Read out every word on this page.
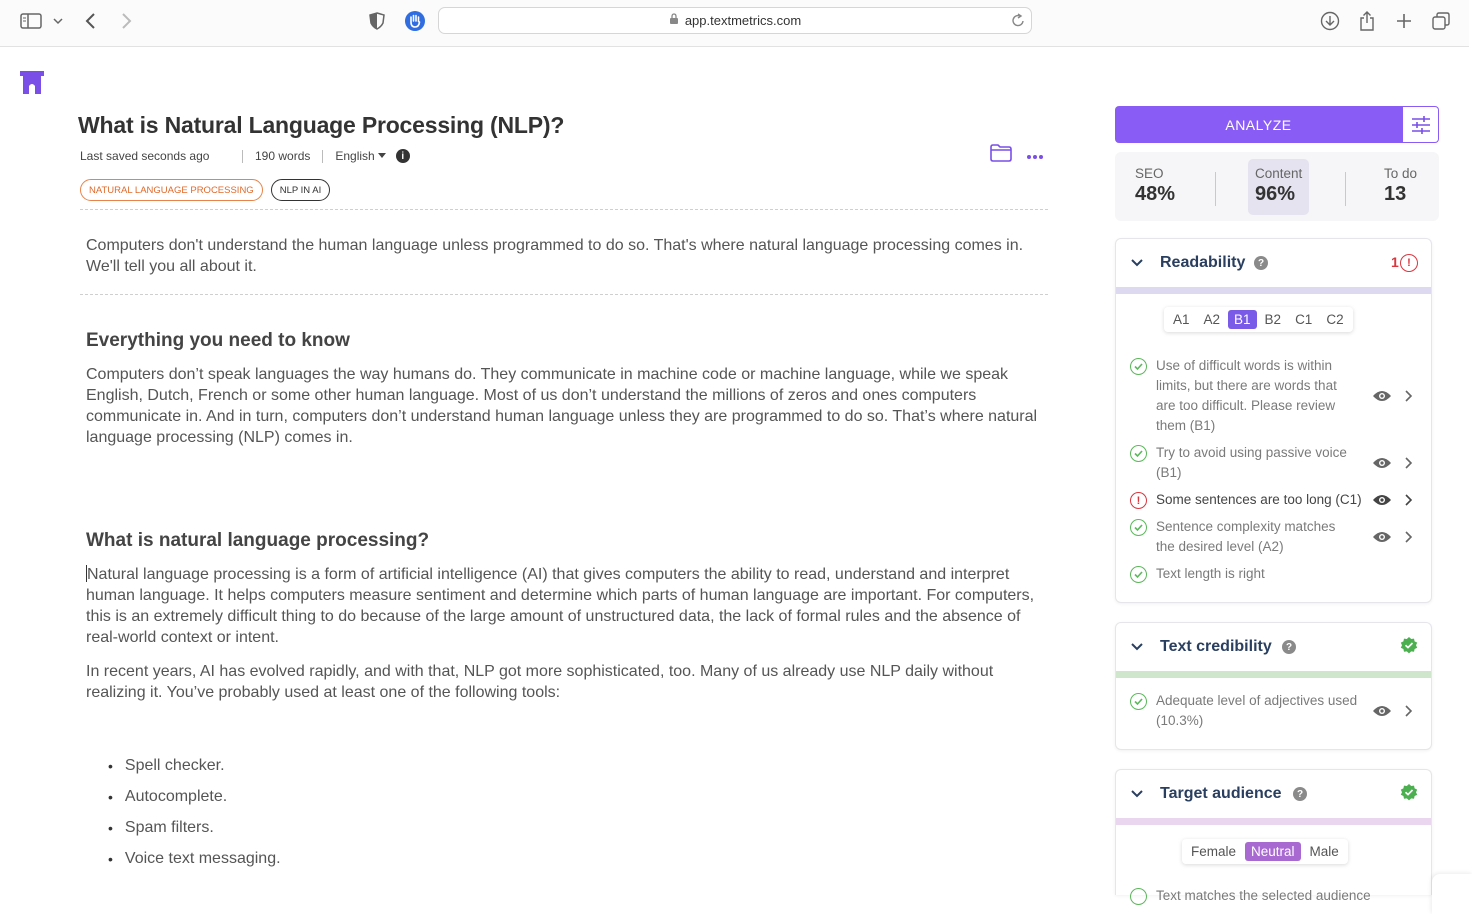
app.textmetrics.com
What is Natural Language Processing (NLP)?
Last saved seconds ago	190 words English	i
NATURAL LANGUAGE PROCESSING	NLP IN AI
Computers don't understand the human language unless programmed to do so. That's where natural language processing comes in. We'll tell you all about it.
Everything you need to know
Computers don’t speak languages the way humans do. They communicate in machine code or machine language, while we speak English, Dutch, French or some other human language. Most of us don’t understand the millions of zeros and ones computers communicate in. And in turn, computers don’t understand human language unless they are programmed to do so. That’s where natural language processing (NLP) comes in.
What is natural language processing?
Natural language processing is a form of artificial intelligence (AI) that gives computers the ability to read, understand and interpret human language. It helps computers measure sentiment and determine which parts of human language are important. For computers, this is an extremely difficult thing to do because of the large amount of unstructured data, the lack of formal rules and the absence of real-world context or intent.
In recent years, AI has evolved rapidly, and with that, NLP got more sophisticated, too. Many of us already use NLP daily without realizing it. You’ve probably used at least one of the following tools:
• Spell checker.
• Autocomplete.
• Spam filters.
• Voice text messaging.
ANALYZE
SEO
48%
Content
96%
To do
13
Readability	?	1 !
A1	A2	B1	B2	C1	C2
Use of difficult words is within limits, but there are words that are too difficult. Please review them (B1)
Try to avoid using passive voice (B1)
!	Some sentences are too long (C1)
Sentence complexity matches the desired level (A2)
Text length is right
Text credibility	?
Adequate level of adjectives used (10.3%)
Target audience	?
Female	Neutral	Male
Text matches the selected audience
